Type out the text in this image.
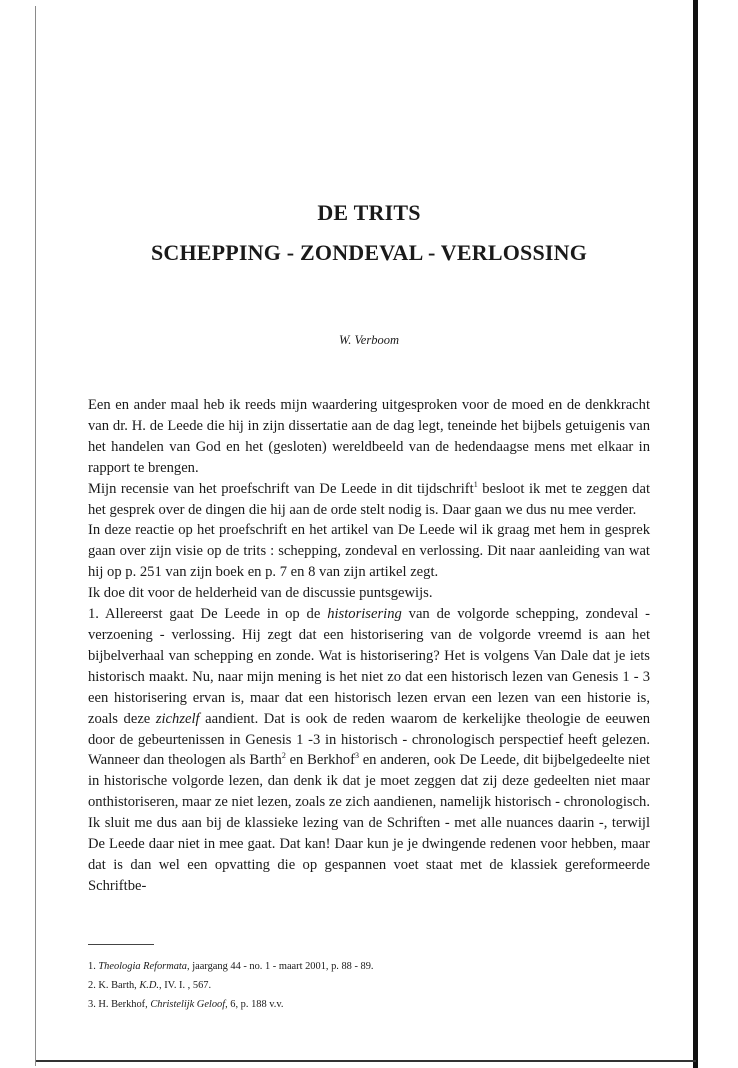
DE TRITS
SCHEPPING - ZONDEVAL - VERLOSSING
W. Verboom

Een en ander maal heb ik reeds mijn waardering uitgesproken voor de moed en de denkkracht van dr. H. de Leede die hij in zijn dissertatie aan de dag legt, teneinde het bijbels getuigenis van het handelen van God en het (gesloten) wereldbeeld van de hedendaagse mens met elkaar in rapport te brengen.

Mijn recensie van het proefschrift van De Leede in dit tijdschrift$^1$ besloot ik met te zeggen dat het gesprek over de dingen die hij aan de orde stelt nodig is. Daar gaan we dus nu mee verder.

In deze reactie op het proefschrift en het artikel van De Leede wil ik graag met hem in gesprek gaan over zijn visie op de trits : schepping, zondeval en verlossing. Dit naar aanleiding van wat hij op p. 251 van zijn boek en p. 7 en 8 van zijn artikel zegt.

Ik doe dit voor de helderheid van de discussie puntsgewijs.

1. Allereerst gaat De Leede in op de historisering van de volgorde schepping, zondeval - verzoening - verlossing. Hij zegt dat een historisering van de volgorde vreemd is aan het bijbelverhaal van schepping en zonde. Wat is historisering? Het is volgens Van Dale dat je iets historisch maakt. Nu, naar mijn mening is het niet zo dat een historisch lezen van Genesis 1 - 3 een historisering ervan is, maar dat een historisch lezen ervan een lezen van een historie is, zoals deze zichzelf aandient. Dat is ook de reden waarom de kerkelijke theologie de eeuwen door de gebeurtenissen in Genesis 1 -3 in historisch - chronologisch perspectief heeft gelezen. Wanneer dan theologen als Barth$^2$ en Berkhof$^3$ en anderen, ook De Leede, dit bijbelgedeelte niet in historische volgorde lezen, dan denk ik dat je moet zeggen dat zij deze gedeelten niet maar onthistoriseren, maar ze niet lezen, zoals ze zich aandienen, namelijk historisch - chronologisch. Ik sluit me dus aan bij de klassieke lezing van de Schriften - met alle nuances daarin -, terwijl De Leede daar niet in mee gaat. Dat kan! Daar kun je je dwingende redenen voor hebben, maar dat is dan wel een opvatting die op gespannen voet staat met de klassiek gereformeerde Schriftbe-

1. Theologia Reformata, jaargang 44 - no. 1 - maart 2001, p. 88 - 89.
2. K. Barth, K.D., IV. I. , 567.
3. H. Berkhof, Christelijk Geloof, 6, p. 188 v.v.
